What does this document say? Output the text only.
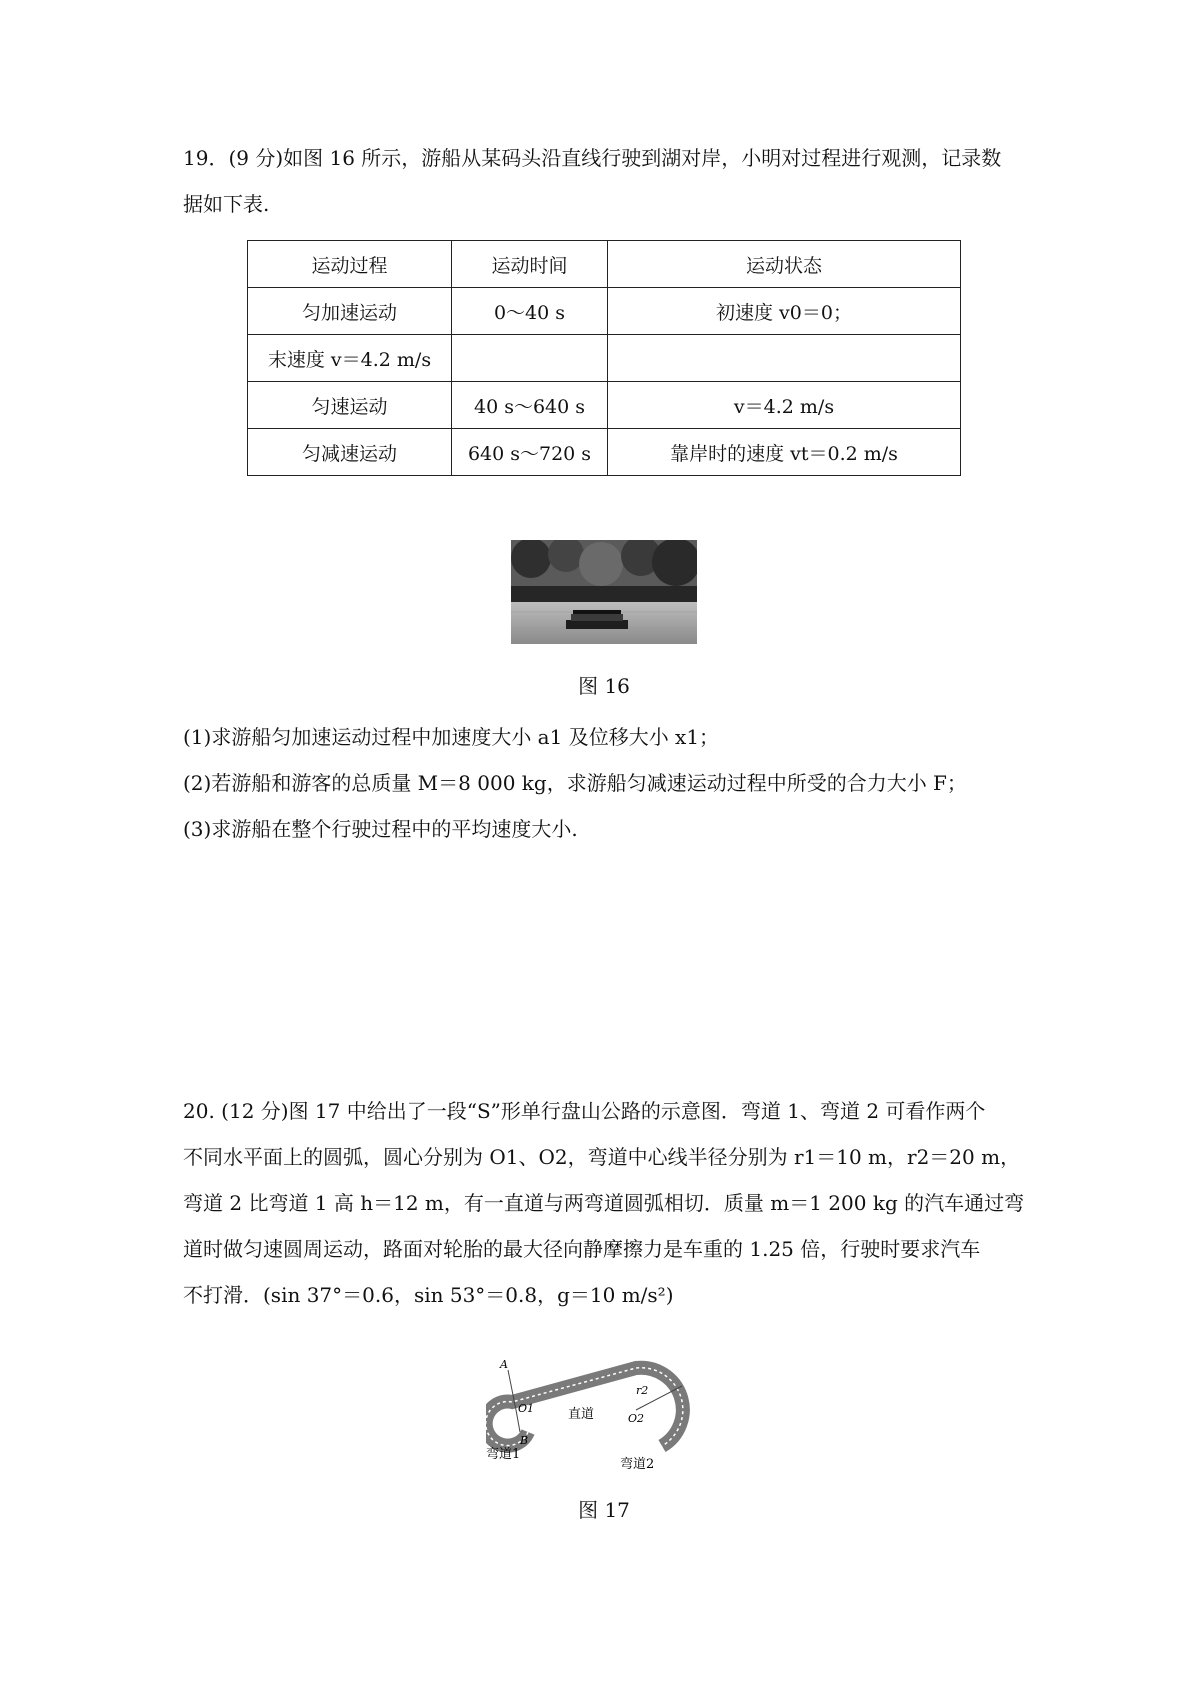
19．(9 分)如图 16 所示，游船从某码头沿直线行驶到湖对岸，小明对过程进行观测，记录数

据如下表.

运动过程	运动时间	运动状态
匀加速运动	0～40 s	初速度 v0＝0；
末速度 v＝4.2 m/s		
匀速运动	40 s～640 s	v＝4.2 m/s
匀减速运动	640 s～720 s	靠岸时的速度 vt＝0.2 m/s
图 16

(1)求游船匀加速运动过程中加速度大小 a1 及位移大小 x1；

(2)若游船和游客的总质量 M＝8 000 kg，求游船匀减速运动过程中所受的合力大小 F；

(3)求游船在整个行驶过程中的平均速度大小.

20. (12 分)图 17 中给出了一段“S”形单行盘山公路的示意图．弯道 1、弯道 2 可看作两个

不同水平面上的圆弧，圆心分别为 O1、O2，弯道中心线半径分别为 r1＝10 m，r2＝20 m，

弯道 2 比弯道 1 高 h＝12 m，有一直道与两弯道圆弧相切．质量 m＝1 200 kg 的汽车通过弯

道时做匀速圆周运动，路面对轮胎的最大径向静摩擦力是车重的 1.25 倍，行驶时要求汽车

不打滑．(sin 37°＝0.6，sin 53°＝0.8，g＝10 m/s²)

A
B
O1
O2
r2
直道
弯道1
弯道2
图 17
